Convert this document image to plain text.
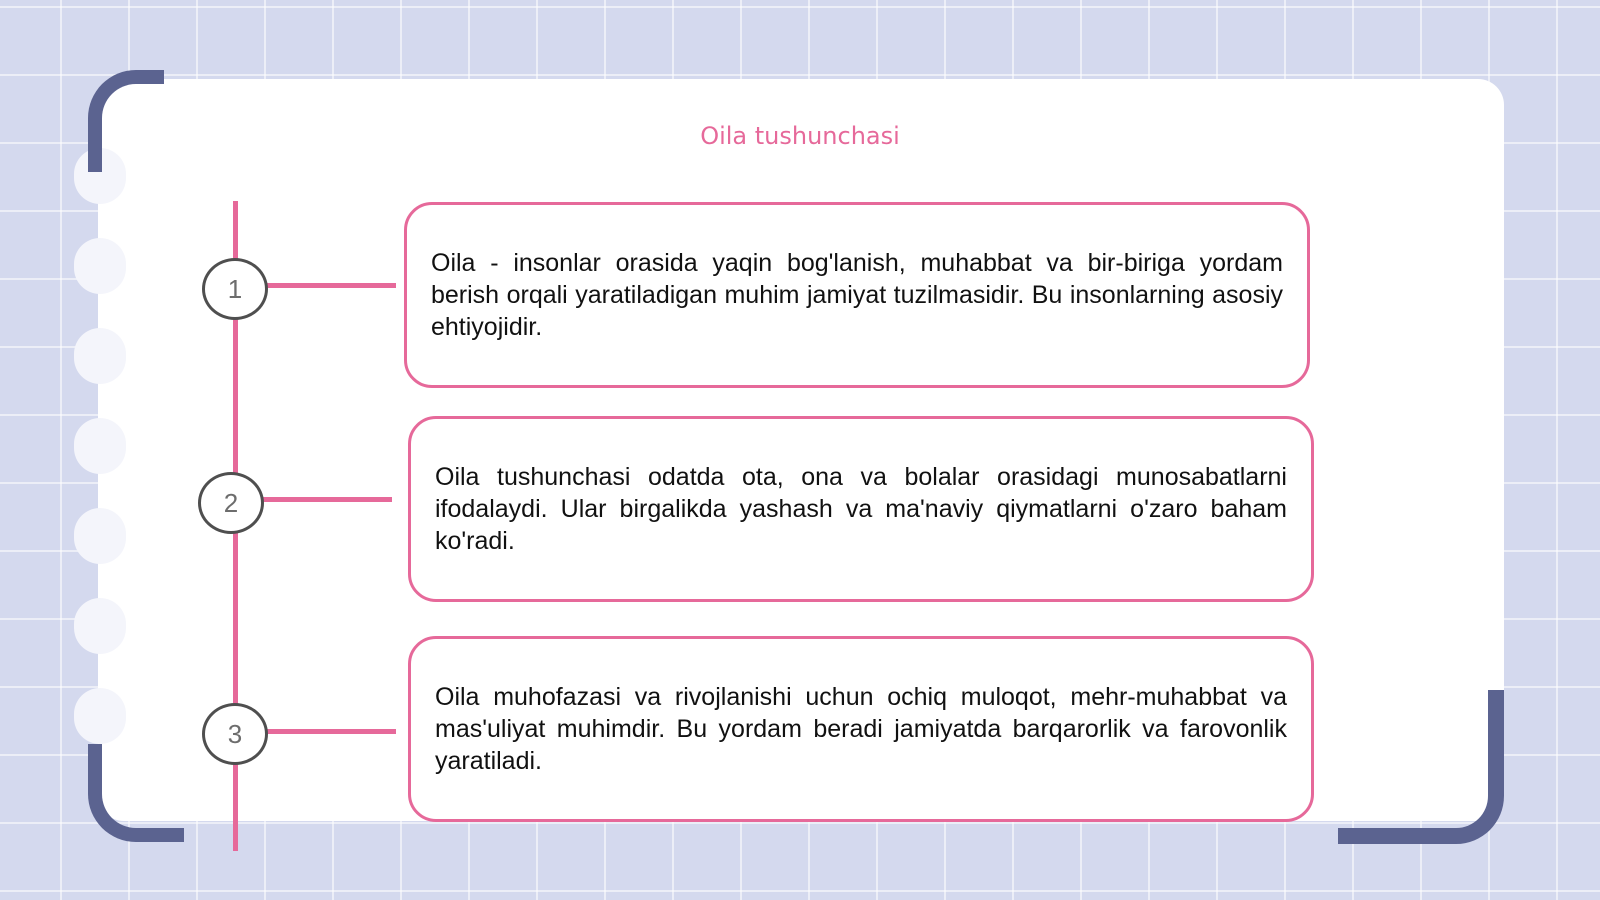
Oila tushunchasi
1
2
3
Oila - insonlar orasida yaqin bog'lanish, muhabbat va bir-biriga yordam berish orqali yaratiladigan muhim jamiyat tuzilmasidir. Bu insonlarning asosiy ehtiyojidir.
Oila tushunchasi odatda ota, ona va bolalar orasidagi munosabatlarni ifodalaydi. Ular birgalikda yashash va ma'naviy qiymatlarni o'zaro baham ko'radi.
Oila muhofazasi va rivojlanishi uchun ochiq muloqot, mehr-muhabbat va mas'uliyat muhimdir. Bu yordam beradi jamiyatda barqarorlik va farovonlik yaratiladi.
